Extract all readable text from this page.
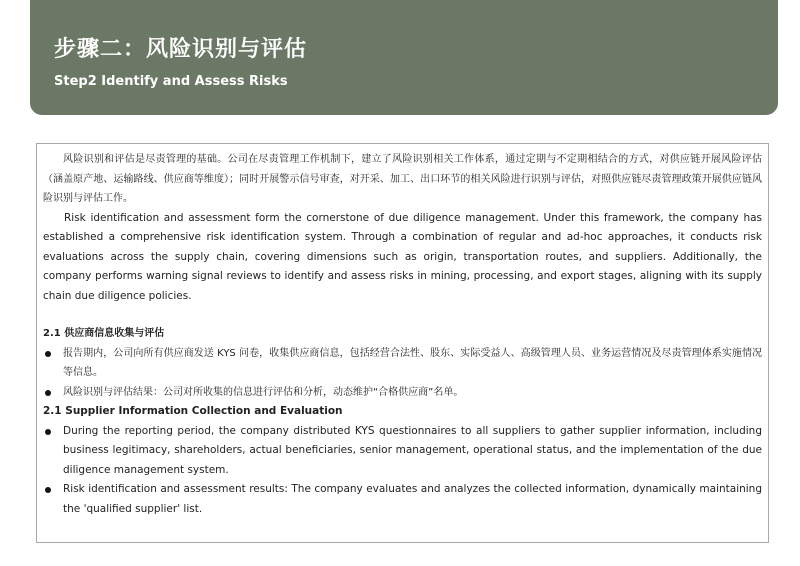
步骤二：风险识别与评估
Step2 Identify and Assess Risks

风险识别和评估是尽责管理的基础。公司在尽责管理工作机制下，建立了风险识别相关工作体系，通过定期与不定期相结合的方式，对供应链开展风险评估（涵盖原产地、运输路线、供应商等维度）；同时开展警示信号审查，对开采、加工、出口环节的相关风险进行识别与评估，对照供应链尽责管理政策开展供应链风险识别与评估工作。

Risk identification and assessment form the cornerstone of due diligence management. Under this framework, the company has established a comprehensive risk identification system. Through a combination of regular and ad-hoc approaches, it conducts risk evaluations across the supply chain, covering dimensions such as origin, transportation routes, and suppliers. Additionally, the company performs warning signal reviews to identify and assess risks in mining, processing, and export stages, aligning with its supply chain due diligence policies.

2.1 供应商信息收集与评估

报告期内，公司向所有供应商发送 KYS 问卷，收集供应商信息，包括经营合法性、股东、实际受益人、高级管理人员、业务运营情况及尽责管理体系实施情况等信息。
风险识别与评估结果：公司对所收集的信息进行评估和分析，动态维护“合格供应商”名单。

2.1 Supplier Information Collection and Evaluation

During the reporting period, the company distributed KYS questionnaires to all suppliers to gather supplier information, including business legitimacy, shareholders, actual beneficiaries, senior management, operational status, and the implementation of the due diligence management system.
Risk identification and assessment results: The company evaluates and analyzes the collected information, dynamically maintaining the 'qualified supplier' list.
